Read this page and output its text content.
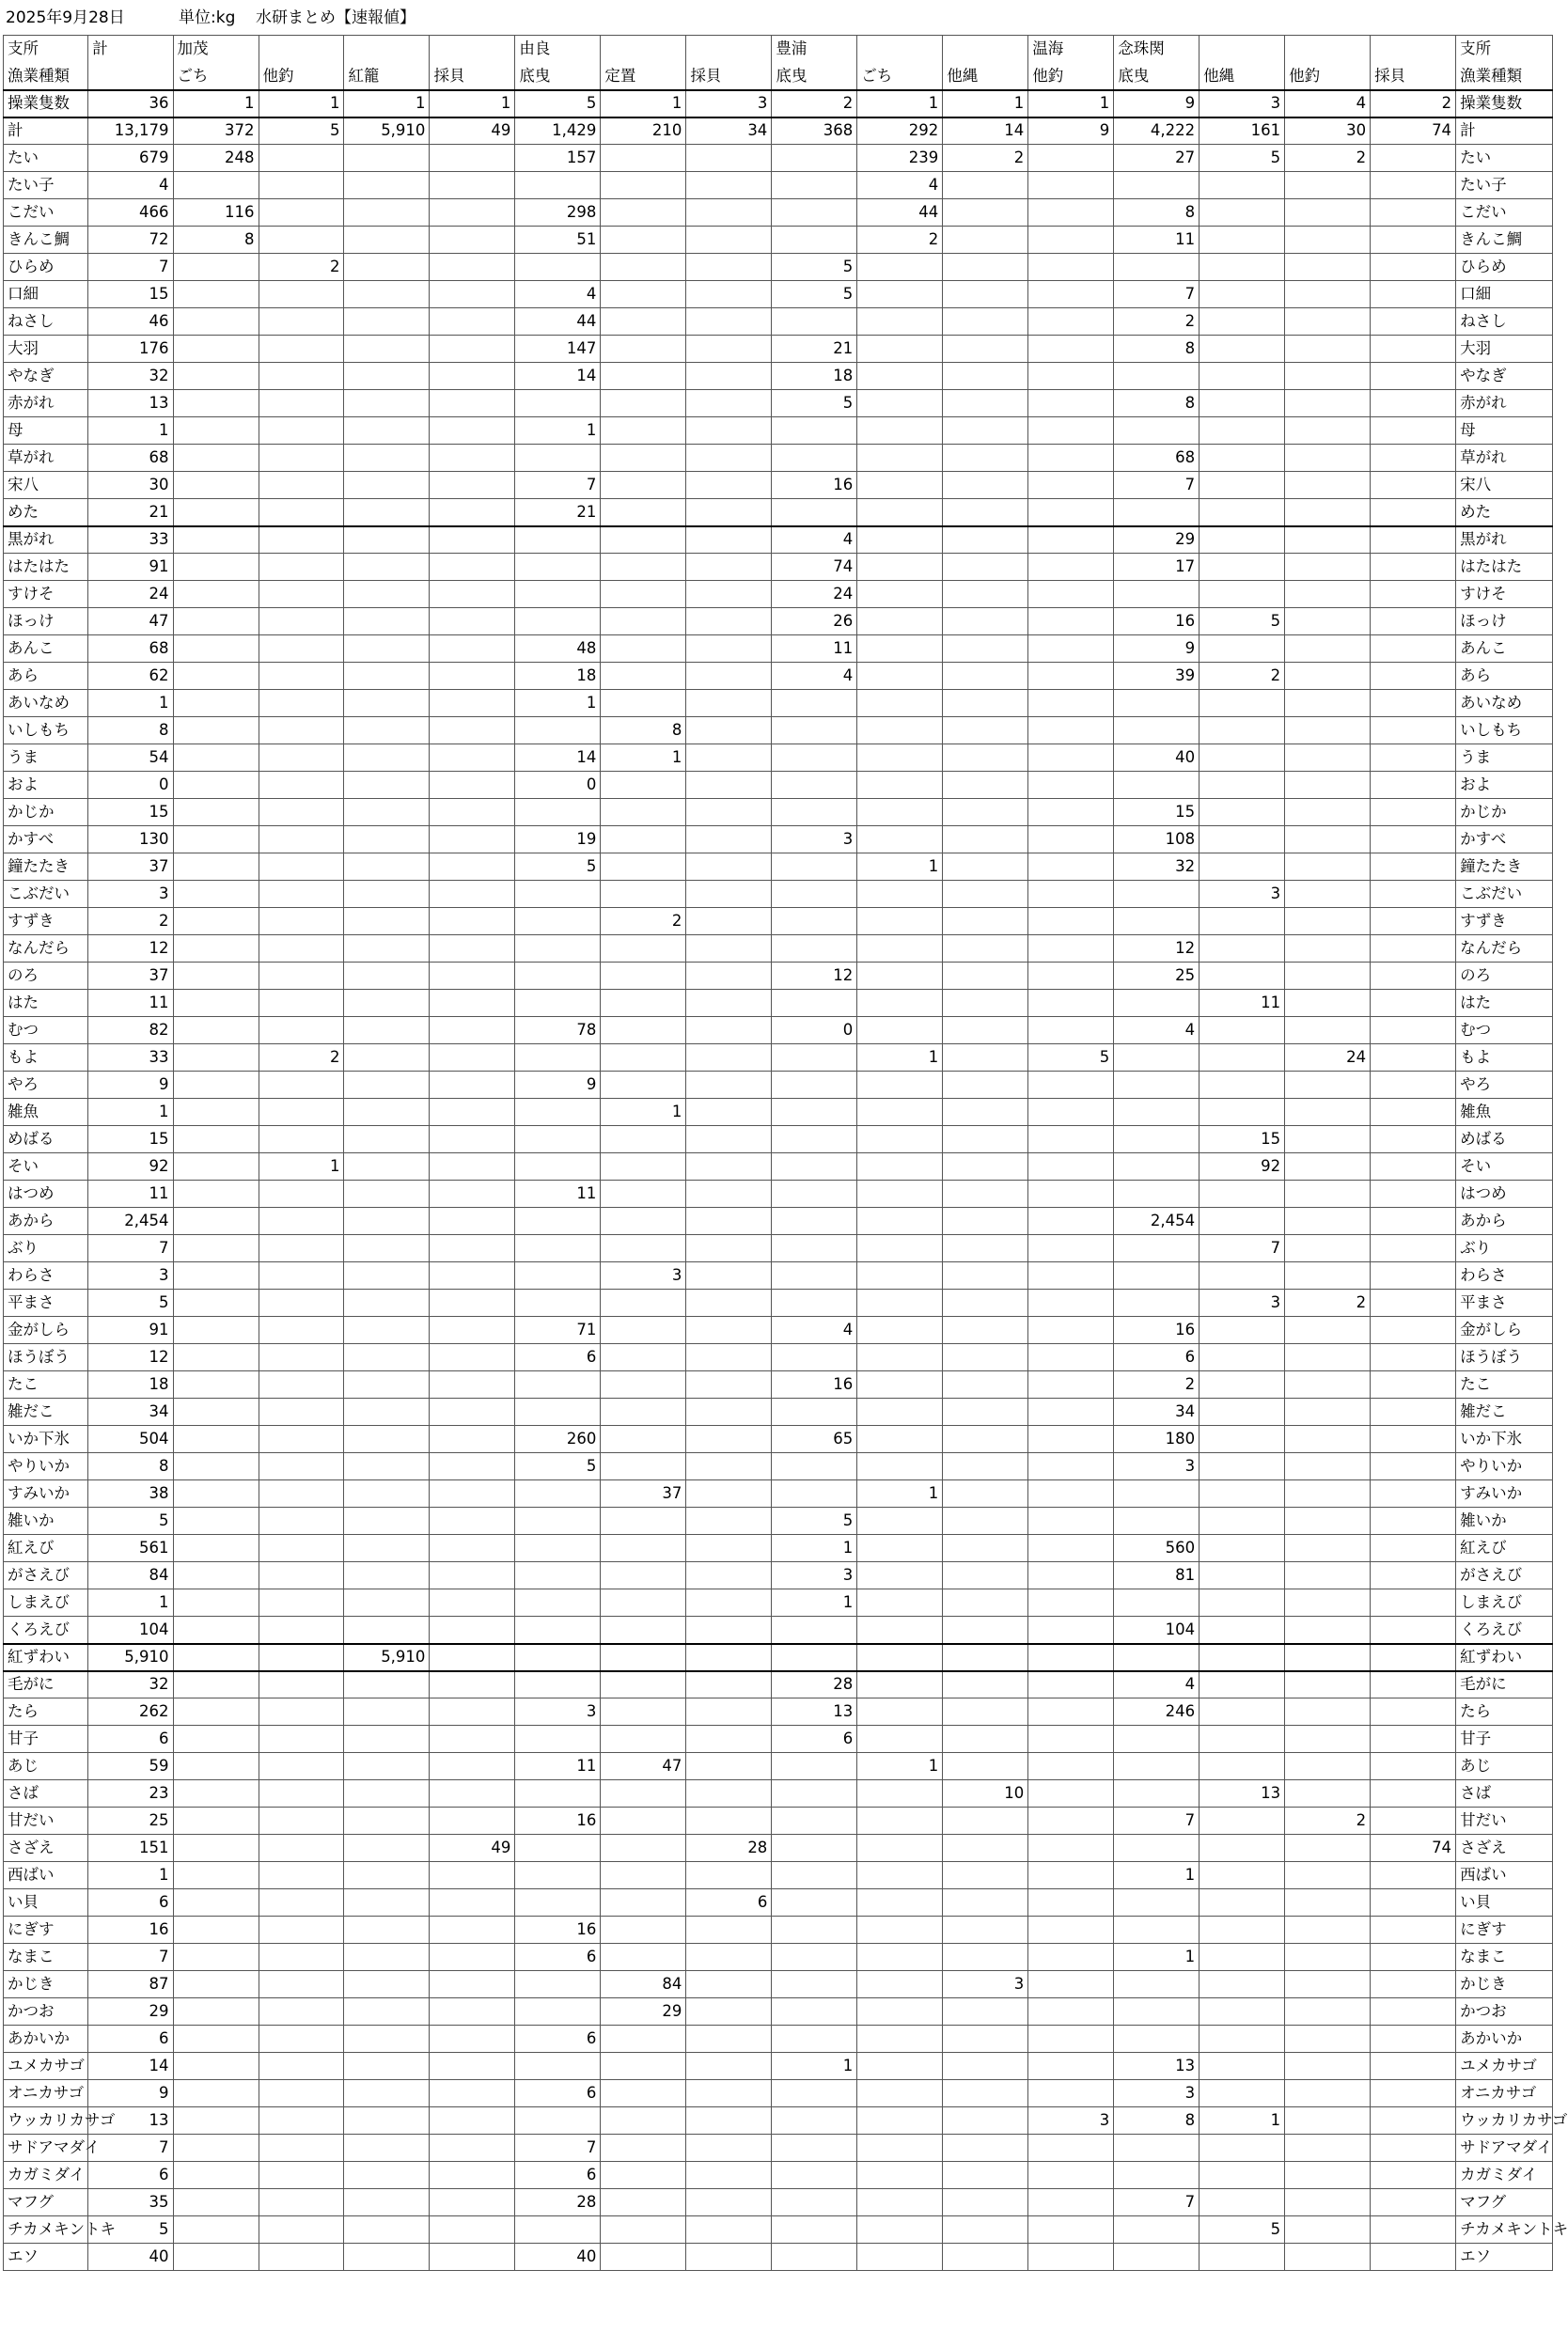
2025年9月28日	単位:kg 水研まとめ【速報値】
支所	計	加茂				由良			豊浦			温海	念珠関				支所
漁業種類		ごち	他釣	紅籠	採貝	底曳	定置	採貝	底曳	ごち	他縄	他釣	底曳	他縄	他釣	採貝	漁業種類
操業隻数	36	1	1	1	1	5	1	3	2	1	1	1	9	3	4	2	操業隻数
計	13,179	372	5	5,910	49	1,429	210	34	368	292	14	9	4,222	161	30	74	計
たい	679	248				157				239	2		27	5	2		たい
たい子	4									4							たい子
こだい	466	116				298				44			8				こだい
きんこ鯛	72	8				51				2			11				きんこ鯛
ひらめ	7		2						5								ひらめ
口細	15					4			5				7				口細
ねさし	46					44							2				ねさし
大羽	176					147			21				8				大羽
やなぎ	32					14			18								やなぎ
赤がれ	13								5				8				赤がれ
母	1					1											母
草がれ	68												68				草がれ
宋八	30					7			16				7				宋八
めた	21					21											めた
黒がれ	33								4				29				黒がれ
はたはた	91								74				17				はたはた
すけそ	24								24								すけそ
ほっけ	47								26				16	5			ほっけ
あんこ	68					48			11				9				あんこ
あら	62					18			4				39	2			あら
あいなめ	1					1											あいなめ
いしもち	8						8										いしもち
うま	54					14	1						40				うま
およ	0					0											およ
かじか	15												15				かじか
かすべ	130					19			3				108				かすべ
鐘たたき	37					5				1			32				鐘たたき
こぶだい	3													3			こぶだい
すずき	2						2										すずき
なんだら	12												12				なんだら
のろ	37								12				25				のろ
はた	11													11			はた
むつ	82					78			0				4				むつ
もよ	33		2							1		5			24		もよ
やろ	9					9											やろ
雑魚	1						1										雑魚
めばる	15													15			めばる
そい	92		1											92			そい
はつめ	11					11											はつめ
あから	2,454												2,454				あから
ぶり	7													7			ぶり
わらさ	3						3										わらさ
平まさ	5													3	2		平まさ
金がしら	91					71			4				16				金がしら
ほうぼう	12					6							6				ほうぼう
たこ	18								16				2				たこ
雑だこ	34												34				雑だこ
いか下氷	504					260			65				180				いか下氷
やりいか	8					5							3				やりいか
すみいか	38						37			1							すみいか
雑いか	5								5								雑いか
紅えび	561								1				560				紅えび
がさえび	84								3				81				がさえび
しまえび	1								1								しまえび
くろえび	104												104				くろえび
紅ずわい	5,910			5,910													紅ずわい
毛がに	32								28				4				毛がに
たら	262					3			13				246				たら
甘子	6								6								甘子
あじ	59					11	47			1							あじ
さば	23										10			13			さば
甘だい	25					16							7		2		甘だい
さざえ	151				49			28								74	さざえ
西ばい	1												1				西ばい
い貝	6							6									い貝
にぎす	16					16											にぎす
なまこ	7					6							1				なまこ
かじき	87						84				3						かじき
かつお	29						29										かつお
あかいか	6					6											あかいか
ユメカサゴ	14								1				13				ユメカサゴ
オニカサゴ	9					6							3				オニカサゴ
ウッカリカサゴ	13											3	8	1			ウッカリカサゴ
サドアマダイ	7					7											サドアマダイ
カガミダイ	6					6											カガミダイ
マフグ	35					28							7				マフグ
チカメキントキ	5													5			チカメキントキ
エソ	40					40											エソ
